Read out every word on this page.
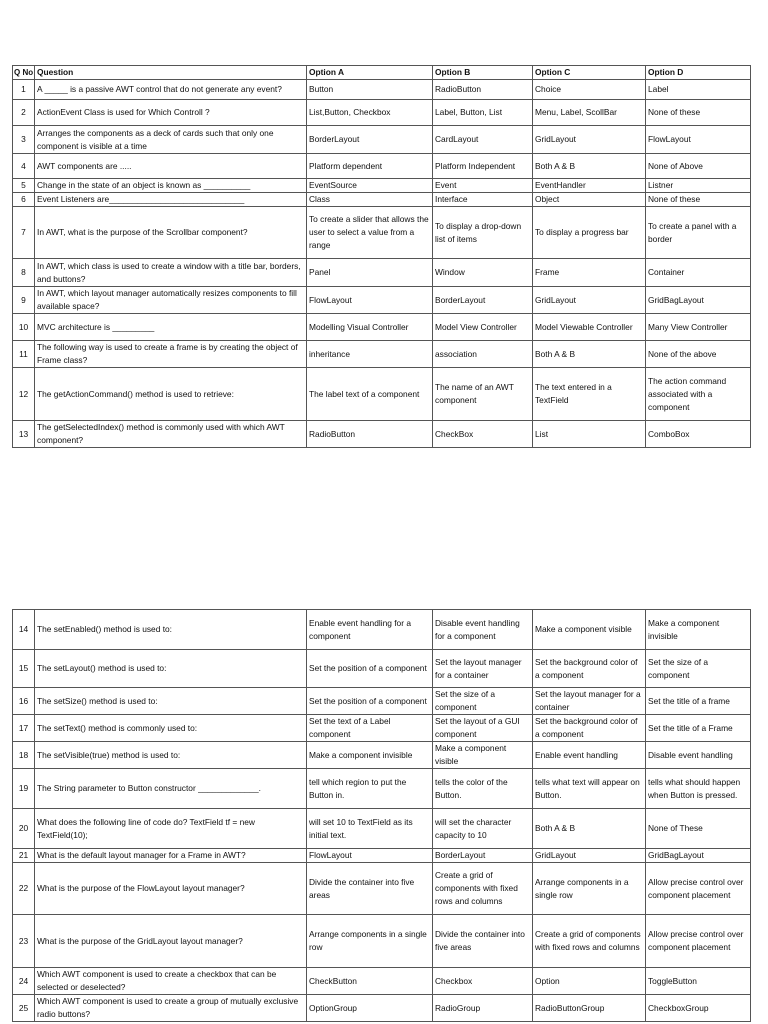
Q No	Question	Option A	Option B	Option C	Option D
1	A _____ is a passive AWT control that do not generate any event?	Button	RadioButton	Choice	Label
2	ActionEvent Class is used for Which Controll ?	List,Button, Checkbox	Label, Button, List	Menu, Label, ScollBar	None of these
3	Arranges the components as a deck of cards such that only one component is visible at a time	BorderLayout	CardLayout	GridLayout	FlowLayout
4	AWT components are .....	Platform dependent	Platform Independent	Both A & B	None of Above
5	Change in the state of an object is known as __________	EventSource	Event	EventHandler	Listner
6	Event Listeners are_____________________________	Class	Interface	Object	None of these
7	In AWT, what is the purpose of the Scrollbar component?	To create a slider that allows the user to select a value from a range	To display a drop-down list of items	To display a progress bar	To create a panel with a border
8	In AWT, which class is used to create a window with a title bar, borders, and buttons?	Panel	Window	Frame	Container
9	In AWT, which layout manager automatically resizes components to fill available space?	FlowLayout	BorderLayout	GridLayout	GridBagLayout
10	MVC architecture is _________	Modelling Visual Controller	Model View Controller	Model Viewable Controller	Many View Controller
11	The following way is used to create a frame is by creating the object of Frame class?	inheritance	association	Both A & B	None of the above
12	The getActionCommand() method is used to retrieve:	The label text of a component	The name of an AWT component	The text entered in a TextField	The action command associated with a component
13	The getSelectedIndex() method is commonly used with which AWT component?	RadioButton	CheckBox	List	ComboBox
14	The setEnabled() method is used to:	Enable event handling for a component	Disable event handling for a component	Make a component visible	Make a component invisible
15	The setLayout() method is used to:	Set the position of a component	Set the layout manager for a container	Set the background color of a component	Set the size of a component
16	The setSize() method is used to:	Set the position of a component	Set the size of a component	Set the layout manager for a container	Set the title of a frame
17	The setText() method is commonly used to:	Set the text of a Label component	Set the layout of a GUI component	Set the background color of a component	Set the title of a Frame
18	The setVisible(true) method is used to:	Make a component invisible	Make a component visible	Enable event handling	Disable event handling
19	The String parameter to Button constructor _____________.	tell which region to put the Button in.	tells the color of the Button.	tells what text will appear on Button.	tells what should happen when Button is pressed.
20	What does the following line of code do? TextField tf = new TextField(10);	will set 10 to TextField as its initial text.	will set the character capacity to 10	Both A & B	None of These
21	What is the default layout manager for a Frame in AWT?	FlowLayout	BorderLayout	GridLayout	GridBagLayout
22	What is the purpose of the FlowLayout layout manager?	Divide the container into five areas	Create a grid of components with fixed rows and columns	Arrange components in a single row	Allow precise control over component placement
23	What is the purpose of the GridLayout layout manager?	Arrange components in a single row	Divide the container into five areas	Create a grid of components with fixed rows and columns	Allow precise control over component placement
24	Which AWT component is used to create a checkbox that can be selected or deselected?	CheckButton	Checkbox	Option	ToggleButton
25	Which AWT component is used to create a group of mutually exclusive radio buttons?	OptionGroup	RadioGroup	RadioButtonGroup	CheckboxGroup
